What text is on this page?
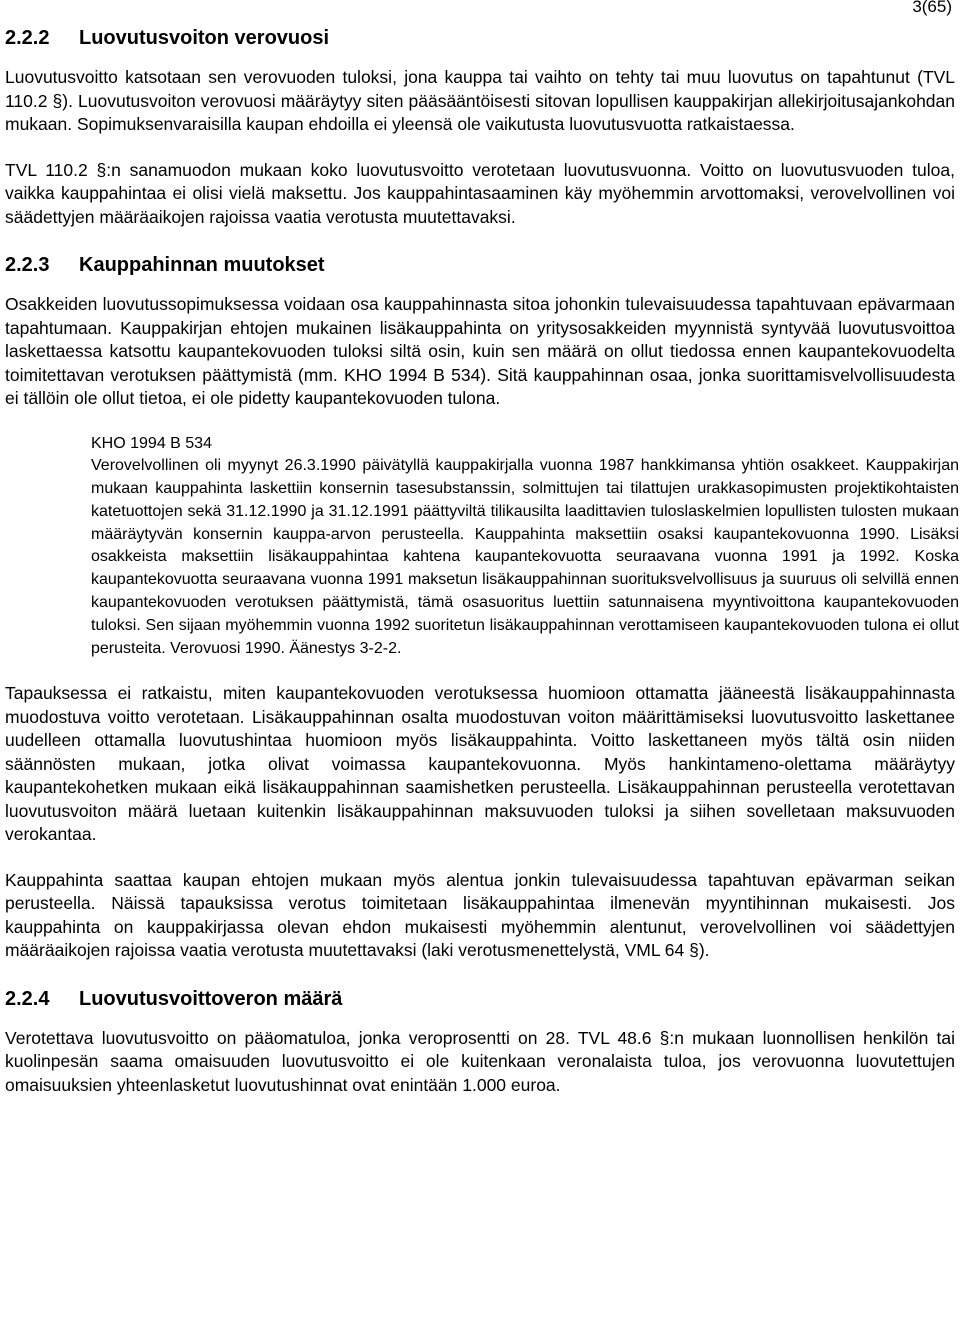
3(65)
2.2.2 Luovutusvoiton verovuosi

Luovutusvoitto katsotaan sen verovuoden tuloksi, jona kauppa tai vaihto on tehty tai muu luovutus on tapahtunut (TVL 110.2 §). Luovutusvoiton verovuosi määräytyy siten pääsääntöisesti sitovan lopullisen kauppakirjan allekirjoitusajankohdan mukaan. Sopimuksenvaraisilla kaupan ehdoilla ei yleensä ole vaikutusta luovutusvuotta ratkaistaessa.

TVL 110.2 §:n sanamuodon mukaan koko luovutusvoitto verotetaan luovutusvuonna. Voitto on luovutusvuoden tuloa, vaikka kauppahintaa ei olisi vielä maksettu. Jos kauppahintasaaminen käy myöhemmin arvottomaksi, verovelvollinen voi säädettyjen määräaikojen rajoissa vaatia verotusta muutettavaksi.

2.2.3 Kauppahinnan muutokset

Osakkeiden luovutussopimuksessa voidaan osa kauppahinnasta sitoa johonkin tulevaisuudessa tapahtuvaan epävarmaan tapahtumaan. Kauppakirjan ehtojen mukainen lisäkauppahinta on yritysosakkeiden myynnistä syntyvää luovutusvoittoa laskettaessa katsottu kaupantekovuoden tuloksi siltä osin, kuin sen määrä on ollut tiedossa ennen kaupantekovuodelta toimitettavan verotuksen päättymistä (mm. KHO 1994 B 534). Sitä kauppahinnan osaa, jonka suorittamisvelvollisuudesta ei tällöin ole ollut tietoa, ei ole pidetty kaupantekovuoden tulona.

KHO 1994 B 534

Verovelvollinen oli myynyt 26.3.1990 päivätyllä kauppakirjalla vuonna 1987 hankkimansa yhtiön osakkeet. Kauppakirjan mukaan kauppahinta laskettiin konsernin tasesubstanssin, solmittujen tai tilattujen urakkasopimusten projektikohtaisten katetuottojen sekä 31.12.1990 ja 31.12.1991 päättyviltä tilikausilta laadittavien tuloslaskelmien lopullisten tulosten mukaan määräytyvän konsernin kauppa-arvon perusteella. Kauppahinta maksettiin osaksi kaupantekovuonna 1990. Lisäksi osakkeista maksettiin lisäkauppahintaa kahtena kaupantekovuotta seuraavana vuonna 1991 ja 1992. Koska kaupantekovuotta seuraavana vuonna 1991 maksetun lisäkauppahinnan suorituksvelvollisuus ja suuruus oli selvillä ennen kaupantekovuoden verotuksen päättymistä, tämä osasuoritus luettiin satunnaisena myyntivoittona kaupantekovuoden tuloksi. Sen sijaan myöhemmin vuonna 1992 suoritetun lisäkauppahinnan verottamiseen kaupantekovuoden tulona ei ollut perusteita. Verovuosi 1990. Äänestys 3-2-2.

Tapauksessa ei ratkaistu, miten kaupantekovuoden verotuksessa huomioon ottamatta jääneestä lisäkauppahinnasta muodostuva voitto verotetaan. Lisäkauppahinnan osalta muodostuvan voiton määrittämiseksi luovutusvoitto laskettanee uudelleen ottamalla luovutushintaa huomioon myös lisäkauppahinta. Voitto laskettaneen myös tältä osin niiden säännösten mukaan, jotka olivat voimassa kaupantekovuonna. Myös hankintameno-olettama määräytyy kaupantekohetken mukaan eikä lisäkauppahinnan saamishetken perusteella. Lisäkauppahinnan perusteella verotettavan luovutusvoiton määrä luetaan kuitenkin lisäkauppahinnan maksuvuoden tuloksi ja siihen sovelletaan maksuvuoden verokantaa.

Kauppahinta saattaa kaupan ehtojen mukaan myös alentua jonkin tulevaisuudessa tapahtuvan epävarman seikan perusteella. Näissä tapauksissa verotus toimitetaan lisäkauppahintaa ilmenevän myyntihinnan mukaisesti. Jos kauppahinta on kauppakirjassa olevan ehdon mukaisesti myöhemmin alentunut, verovelvollinen voi säädettyjen määräaikojen rajoissa vaatia verotusta muutettavaksi (laki verotusmenettelystä, VML 64 §).

2.2.4 Luovutusvoittoveron määrä

Verotettava luovutusvoitto on pääomatuloa, jonka veroprosentti on 28. TVL 48.6 §:n mukaan luonnollisen henkilön tai kuolinpesän saama omaisuuden luovutusvoitto ei ole kuitenkaan veronalaista tuloa, jos verovuonna luovutettujen omaisuuksien yhteenlasketut luovutushinnat ovat enintään 1.000 euroa.
